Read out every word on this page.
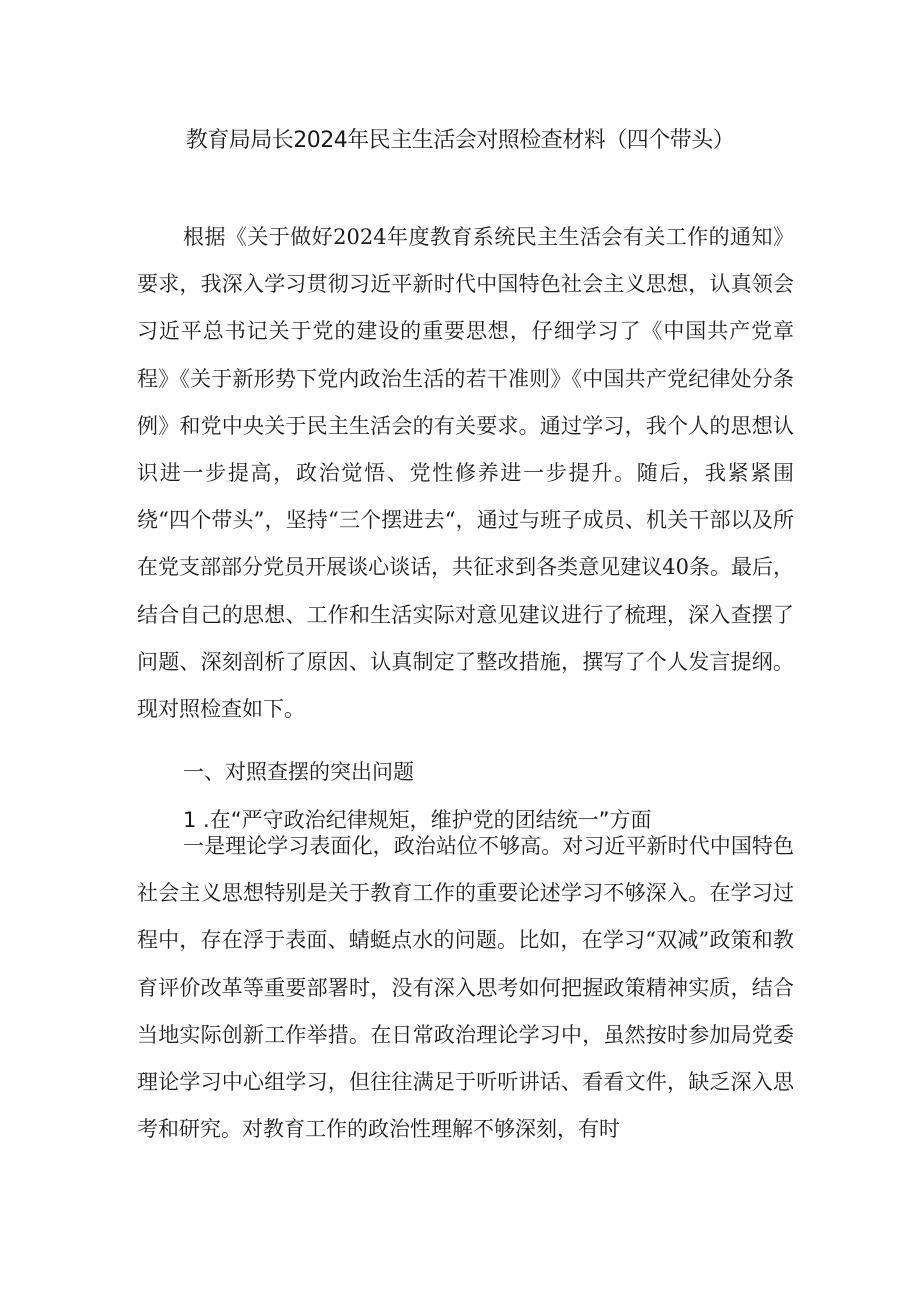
教育局局长2024年民主生活会对照检查材料（四个带头）

根据《关于做好2024年度教育系统民主生活会有关工作的通知》要求，我深入学习贯彻习近平新时代中国特色社会主义思想，认真领会习近平总书记关于党的建设的重要思想，仔细学习了《中国共产党章程》《关于新形势下党内政治生活的若干准则》《中国共产党纪律处分条例》和党中央关于民主生活会的有关要求。通过学习，我个人的思想认识进一步提高，政治觉悟、党性修养进一步提升。随后，我紧紧围绕“四个带头”，坚持“三个摆进去“，通过与班子成员、机关干部以及所在党支部部分党员开展谈心谈话，共征求到各类意见建议40条。最后，结合自己的思想、工作和生活实际对意见建议进行了梳理，深入查摆了问题、深刻剖析了原因、认真制定了整改措施，撰写了个人发言提纲。现对照检查如下。

一、对照查摆的突出问题
1 .在“严守政治纪律规矩，维护党的团结统一”方面

一是理论学习表面化，政治站位不够高。对习近平新时代中国特色社会主义思想特别是关于教育工作的重要论述学习不够深入。在学习过程中，存在浮于表面、蜻蜓点水的问题。比如，在学习“双减”政策和教育评价改革等重要部署时，没有深入思考如何把握政策精神实质，结合当地实际创新工作举措。在日常政治理论学习中，虽然按时参加局党委理论学习中心组学习，但往往满足于听听讲话、看看文件，缺乏深入思考和研究。对教育工作的政治性理解不够深刻，有时
